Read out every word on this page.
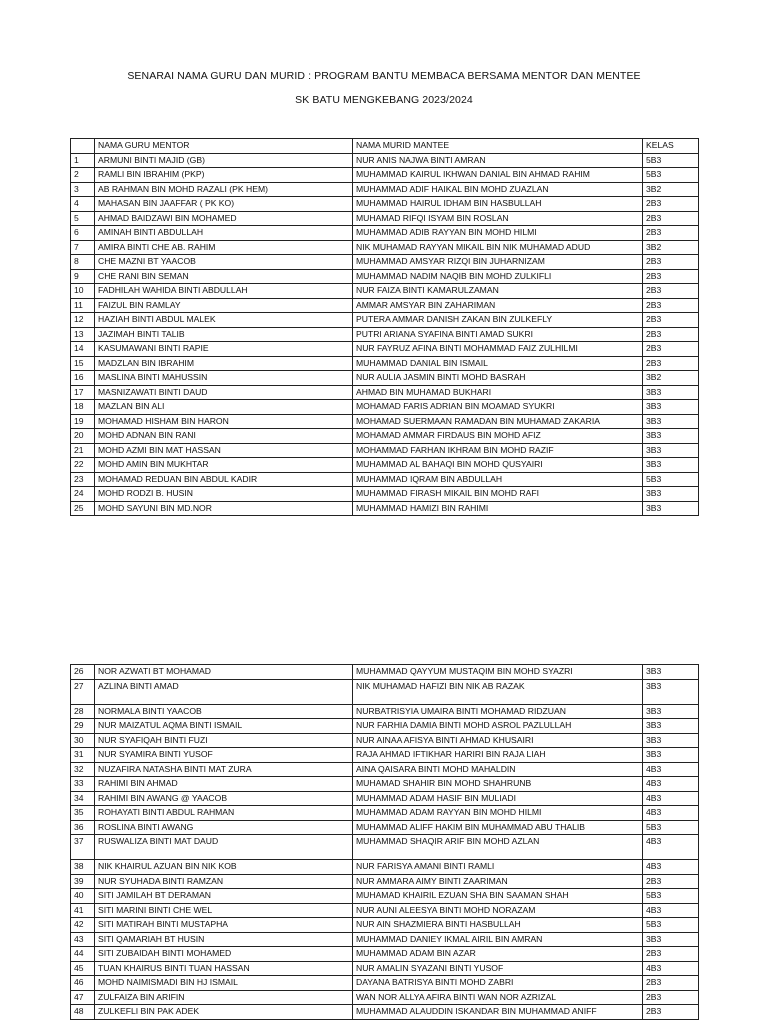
SENARAI NAMA GURU DAN MURID : PROGRAM BANTU MEMBACA BERSAMA MENTOR DAN MENTEE
SK BATU MENGKEBANG 2023/2024
	NAMA GURU MENTOR	NAMA MURID MANTEE	KELAS
1	ARMUNI BINTI MAJID (GB)	NUR ANIS NAJWA BINTI AMRAN	5B3
2	RAMLI BIN IBRAHIM (PKP)	MUHAMMAD KAIRUL IKHWAN DANIAL BIN AHMAD RAHIM	5B3
3	AB RAHMAN BIN MOHD RAZALI (PK HEM)	MUHAMMAD ADIF HAIKAL BIN MOHD ZUAZLAN	3B2
4	MAHASAN BIN JAAFFAR ( PK KO)	MUHAMMAD HAIRUL IDHAM BIN HASBULLAH	2B3
5	AHMAD BAIDZAWI BIN MOHAMED	MUHAMAD RIFQI ISYAM BIN ROSLAN	2B3
6	AMINAH BINTI ABDULLAH	MUHAMMAD ADIB RAYYAN BIN MOHD HILMI	2B3
7	AMIRA BINTI CHE AB. RAHIM	NIK MUHAMAD RAYYAN MIKAIL BIN NIK MUHAMAD ADUD	3B2
8	CHE MAZNI BT YAACOB	MUHAMMAD AMSYAR RIZQI BIN JUHARNIZAM	2B3
9	CHE RANI BIN SEMAN	MUHAMMAD NADIM NAQIB BIN MOHD ZULKIFLI	2B3
10	FADHILAH WAHIDA BINTI ABDULLAH	NUR FAIZA BINTI KAMARULZAMAN	2B3
11	FAIZUL BIN RAMLAY	AMMAR AMSYAR BIN ZAHARIMAN	2B3
12	HAZIAH BINTI ABDUL MALEK	PUTERA AMMAR DANISH ZAKAN BIN ZULKEFLY	2B3
13	JAZIMAH BINTI TALIB	PUTRI ARIANA SYAFINA BINTI AMAD SUKRI	2B3
14	KASUMAWANI BINTI RAPIE	NUR FAYRUZ AFINA BINTI MOHAMMAD FAIZ ZULHILMI	2B3
15	MADZLAN BIN IBRAHIM	MUHAMMAD DANIAL BIN ISMAIL	2B3
16	MASLINA BINTI MAHUSSIN	NUR AULIA JASMIN BINTI MOHD BASRAH	3B2
17	MASNIZAWATI BINTI DAUD	AHMAD BIN MUHAMAD BUKHARI	3B3
18	MAZLAN BIN ALI	MOHAMAD FARIS ADRIAN BIN MOAMAD SYUKRI	3B3
19	MOHAMAD HISHAM BIN HARON	MOHAMAD SUERMAAN RAMADAN BIN MUHAMAD ZAKARIA	3B3
20	MOHD ADNAN BIN RANI	MOHAMAD AMMAR FIRDAUS BIN MOHD AFIZ	3B3
21	MOHD AZMI BIN MAT HASSAN	MOHAMMAD FARHAN IKHRAM BIN MOHD RAZIF	3B3
22	MOHD AMIN BIN MUKHTAR	MUHAMMAD AL BAHAQI BIN MOHD QUSYAIRI	3B3
23	MOHAMAD REDUAN BIN ABDUL KADIR	MUHAMMAD IQRAM BIN ABDULLAH	5B3
24	MOHD RODZI B. HUSIN	MUHAMMAD FIRASH MIKAIL BIN MOHD RAFI	3B3
25	MOHD SAYUNI BIN MD.NOR	MUHAMMAD HAMIZI BIN RAHIMI	3B3
26	NOR AZWATI BT MOHAMAD	MUHAMMAD QAYYUM MUSTAQIM BIN MOHD SYAZRI	3B3
27	AZLINA BINTI AMAD	NIK MUHAMAD HAFIZI BIN NIK AB RAZAK	3B3
28	NORMALA BINTI YAACOB	NURBATRISYIA UMAIRA BINTI MOHAMAD RIDZUAN	3B3
29	NUR MAIZATUL AQMA BINTI ISMAIL	NUR FARHIA DAMIA BINTI MOHD ASROL PAZLULLAH	3B3
30	NUR SYAFIQAH BINTI FUZI	NUR AINAA AFISYA BINTI AHMAD KHUSAIRI	3B3
31	NUR SYAMIRA BINTI YUSOF	RAJA AHMAD IFTIKHAR HARIRI BIN RAJA LIAH	3B3
32	NUZAFIRA NATASHA BINTI MAT ZURA	AINA QAISARA BINTI MOHD MAHALDIN	4B3
33	RAHIMI BIN AHMAD	MUHAMAD SHAHIR BIN MOHD SHAHRUNB	4B3
34	RAHIMI BIN AWANG @ YAACOB	MUHAMMAD ADAM HASIF BIN MULIADI	4B3
35	ROHAYATI BINTI ABDUL RAHMAN	MUHAMMAD ADAM RAYYAN BIN MOHD HILMI	4B3
36	ROSLINA BINTI AWANG	MUHAMMAD ALIFF HAKIM BIN MUHAMMAD ABU THALIB	5B3
37	RUSWALIZA BINTI MAT DAUD	MUHAMMAD SHAQIR ARIF BIN MOHD AZLAN	4B3
38	NIK KHAIRUL AZUAN BIN NIK KOB	NUR FARISYA AMANI BINTI RAMLI	4B3
39	NUR SYUHADA BINTI RAMZAN	NUR AMMARA AIMY BINTI ZAARIMAN	2B3
40	SITI JAMILAH BT DERAMAN	MUHAMAD KHAIRIL EZUAN SHA BIN SAAMAN SHAH	5B3
41	SITI MARINI BINTI CHE WEL	NUR AUNI ALEESYA BINTI MOHD NORAZAM	4B3
42	SITI MATIRAH BINTI MUSTAPHA	NUR AIN SHAZMIERA BINTI HASBULLAH	5B3
43	SITI QAMARIAH BT HUSIN	MUHAMMAD DANIEY IKMAL AIRIL BIN AMRAN	3B3
44	SITI ZUBAIDAH BINTI MOHAMED	MUHAMMAD ADAM BIN AZAR	2B3
45	TUAN KHAIRUS BINTI TUAN HASSAN	NUR AMALIN SYAZANI BINTI YUSOF	4B3
46	MOHD NAIMISMADI BIN HJ ISMAIL	DAYANA BATRISYA BINTI MOHD ZABRI	2B3
47	ZULFAIZA BIN ARIFIN	WAN NOR ALLYA AFIRA BINTI WAN NOR AZRIZAL	2B3
48	ZULKEFLI BIN PAK ADEK	MUHAMMAD ALAUDDIN ISKANDAR BIN MUHAMMAD ANIFF	2B3
